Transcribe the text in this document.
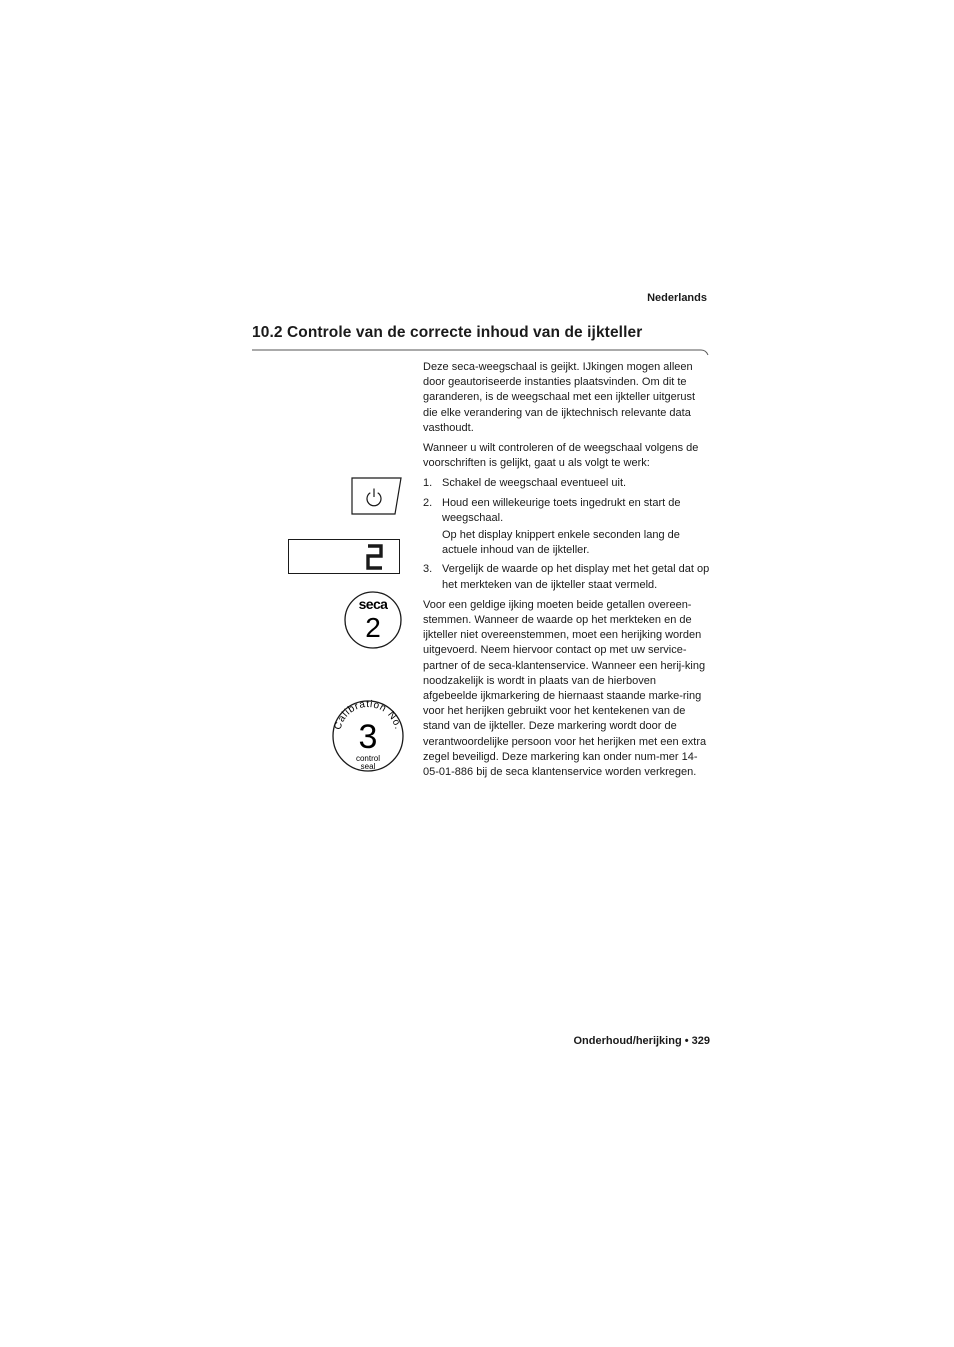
Nederlands
10.2 Controle van de correcte inhoud van de ijkteller
seca
2
Calibration No.
3
control
seal

Deze seca-weegschaal is geijkt. IJkingen mogen alleen door geautoriseerde instanties plaatsvinden. Om dit te garanderen, is de weegschaal met een ijkteller uitgerust die elke verandering van de ijktechnisch relevante data vasthoudt.

Wanneer u wilt controleren of de weegschaal volgens de voorschriften is gelijkt, gaat u als volgt te werk:

1. Schakel de weegschaal eventueel uit.
2. Houd een willekeurige toets ingedrukt en start de weegschaal.

Op het display knippert enkele seconden lang de actuele inhoud van de ijkteller.

3. Vergelijk de waarde op het display met het getal dat op het merkteken van de ijkteller staat vermeld.

Voor een geldige ijking moeten beide getallen overeen-stemmen. Wanneer de waarde op het merkteken en de ijkteller niet overeenstemmen, moet een herijking worden uitgevoerd. Neem hiervoor contact op met uw service-partner of de seca-klantenservice. Wanneer een herij-king noodzakelijk is wordt in plaats van de hierboven afgebeelde ijkmarkering de hiernaast staande marke-ring voor het herijken gebruikt voor het kentekenen van de stand van de ijkteller. Deze markering wordt door de verantwoordelijke persoon voor het herijken met een extra zegel beveiligd. Deze markering kan onder num-mer 14-05-01-886 bij de seca klantenservice worden verkregen.

Onderhoud/herijking • 329
